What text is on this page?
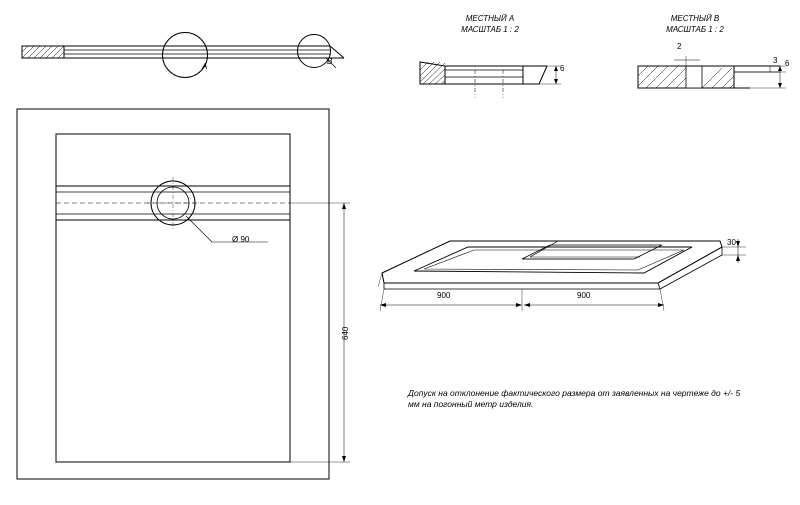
А
В
МЕСТНЫЙ А
МАСШТАБ 1 : 2
6
МЕСТНЫЙ В
МАСШТАБ 1 : 2
2
3 6
Ø 90
640
900	900
30
Допуск на отклонение фактического размера от заявленных на чертеже до +/- 5 мм на погонный метр изделия.
